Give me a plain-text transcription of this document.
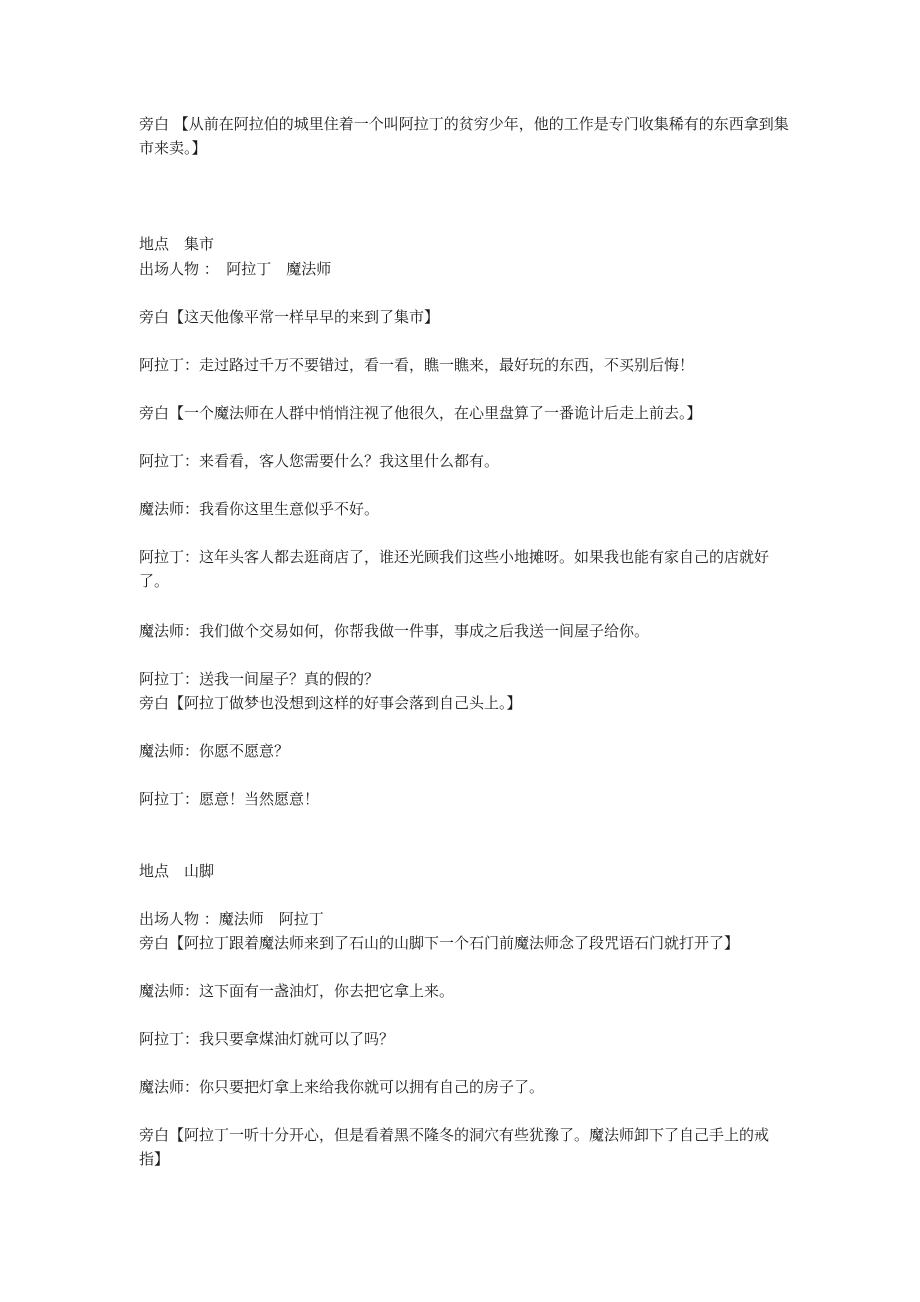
旁白 【从前在阿拉伯的城里住着一个叫阿拉丁的贫穷少年，他的工作是专门收集稀有的东西拿到集市来卖。】
地点　集市
出场人物 ：　阿拉丁　魔法师
旁白【这天他像平常一样早早的来到了集市】
阿拉丁：走过路过千万不要错过，看一看，瞧一瞧来，最好玩的东西，不买别后悔！
旁白【一个魔法师在人群中悄悄注视了他很久，在心里盘算了一番诡计后走上前去。】
阿拉丁：来看看，客人您需要什么？我这里什么都有。
魔法师：我看你这里生意似乎不好。
阿拉丁：这年头客人都去逛商店了，谁还光顾我们这些小地摊呀。如果我也能有家自己的店就好了。
魔法师：我们做个交易如何，你帮我做一件事，事成之后我送一间屋子给你。
阿拉丁：送我一间屋子？真的假的？
旁白【阿拉丁做梦也没想到这样的好事会落到自己头上。】
魔法师：你愿不愿意？
阿拉丁：愿意！当然愿意！
地点　山脚
出场人物 ：魔法师　阿拉丁
旁白【阿拉丁跟着魔法师来到了石山的山脚下一个石门前魔法师念了段咒语石门就打开了】
魔法师：这下面有一盏油灯，你去把它拿上来。
阿拉丁：我只要拿煤油灯就可以了吗？
魔法师：你只要把灯拿上来给我你就可以拥有自己的房子了。
旁白【阿拉丁一听十分开心，但是看着黑不隆冬的洞穴有些犹豫了。魔法师卸下了自己手上的戒指】
